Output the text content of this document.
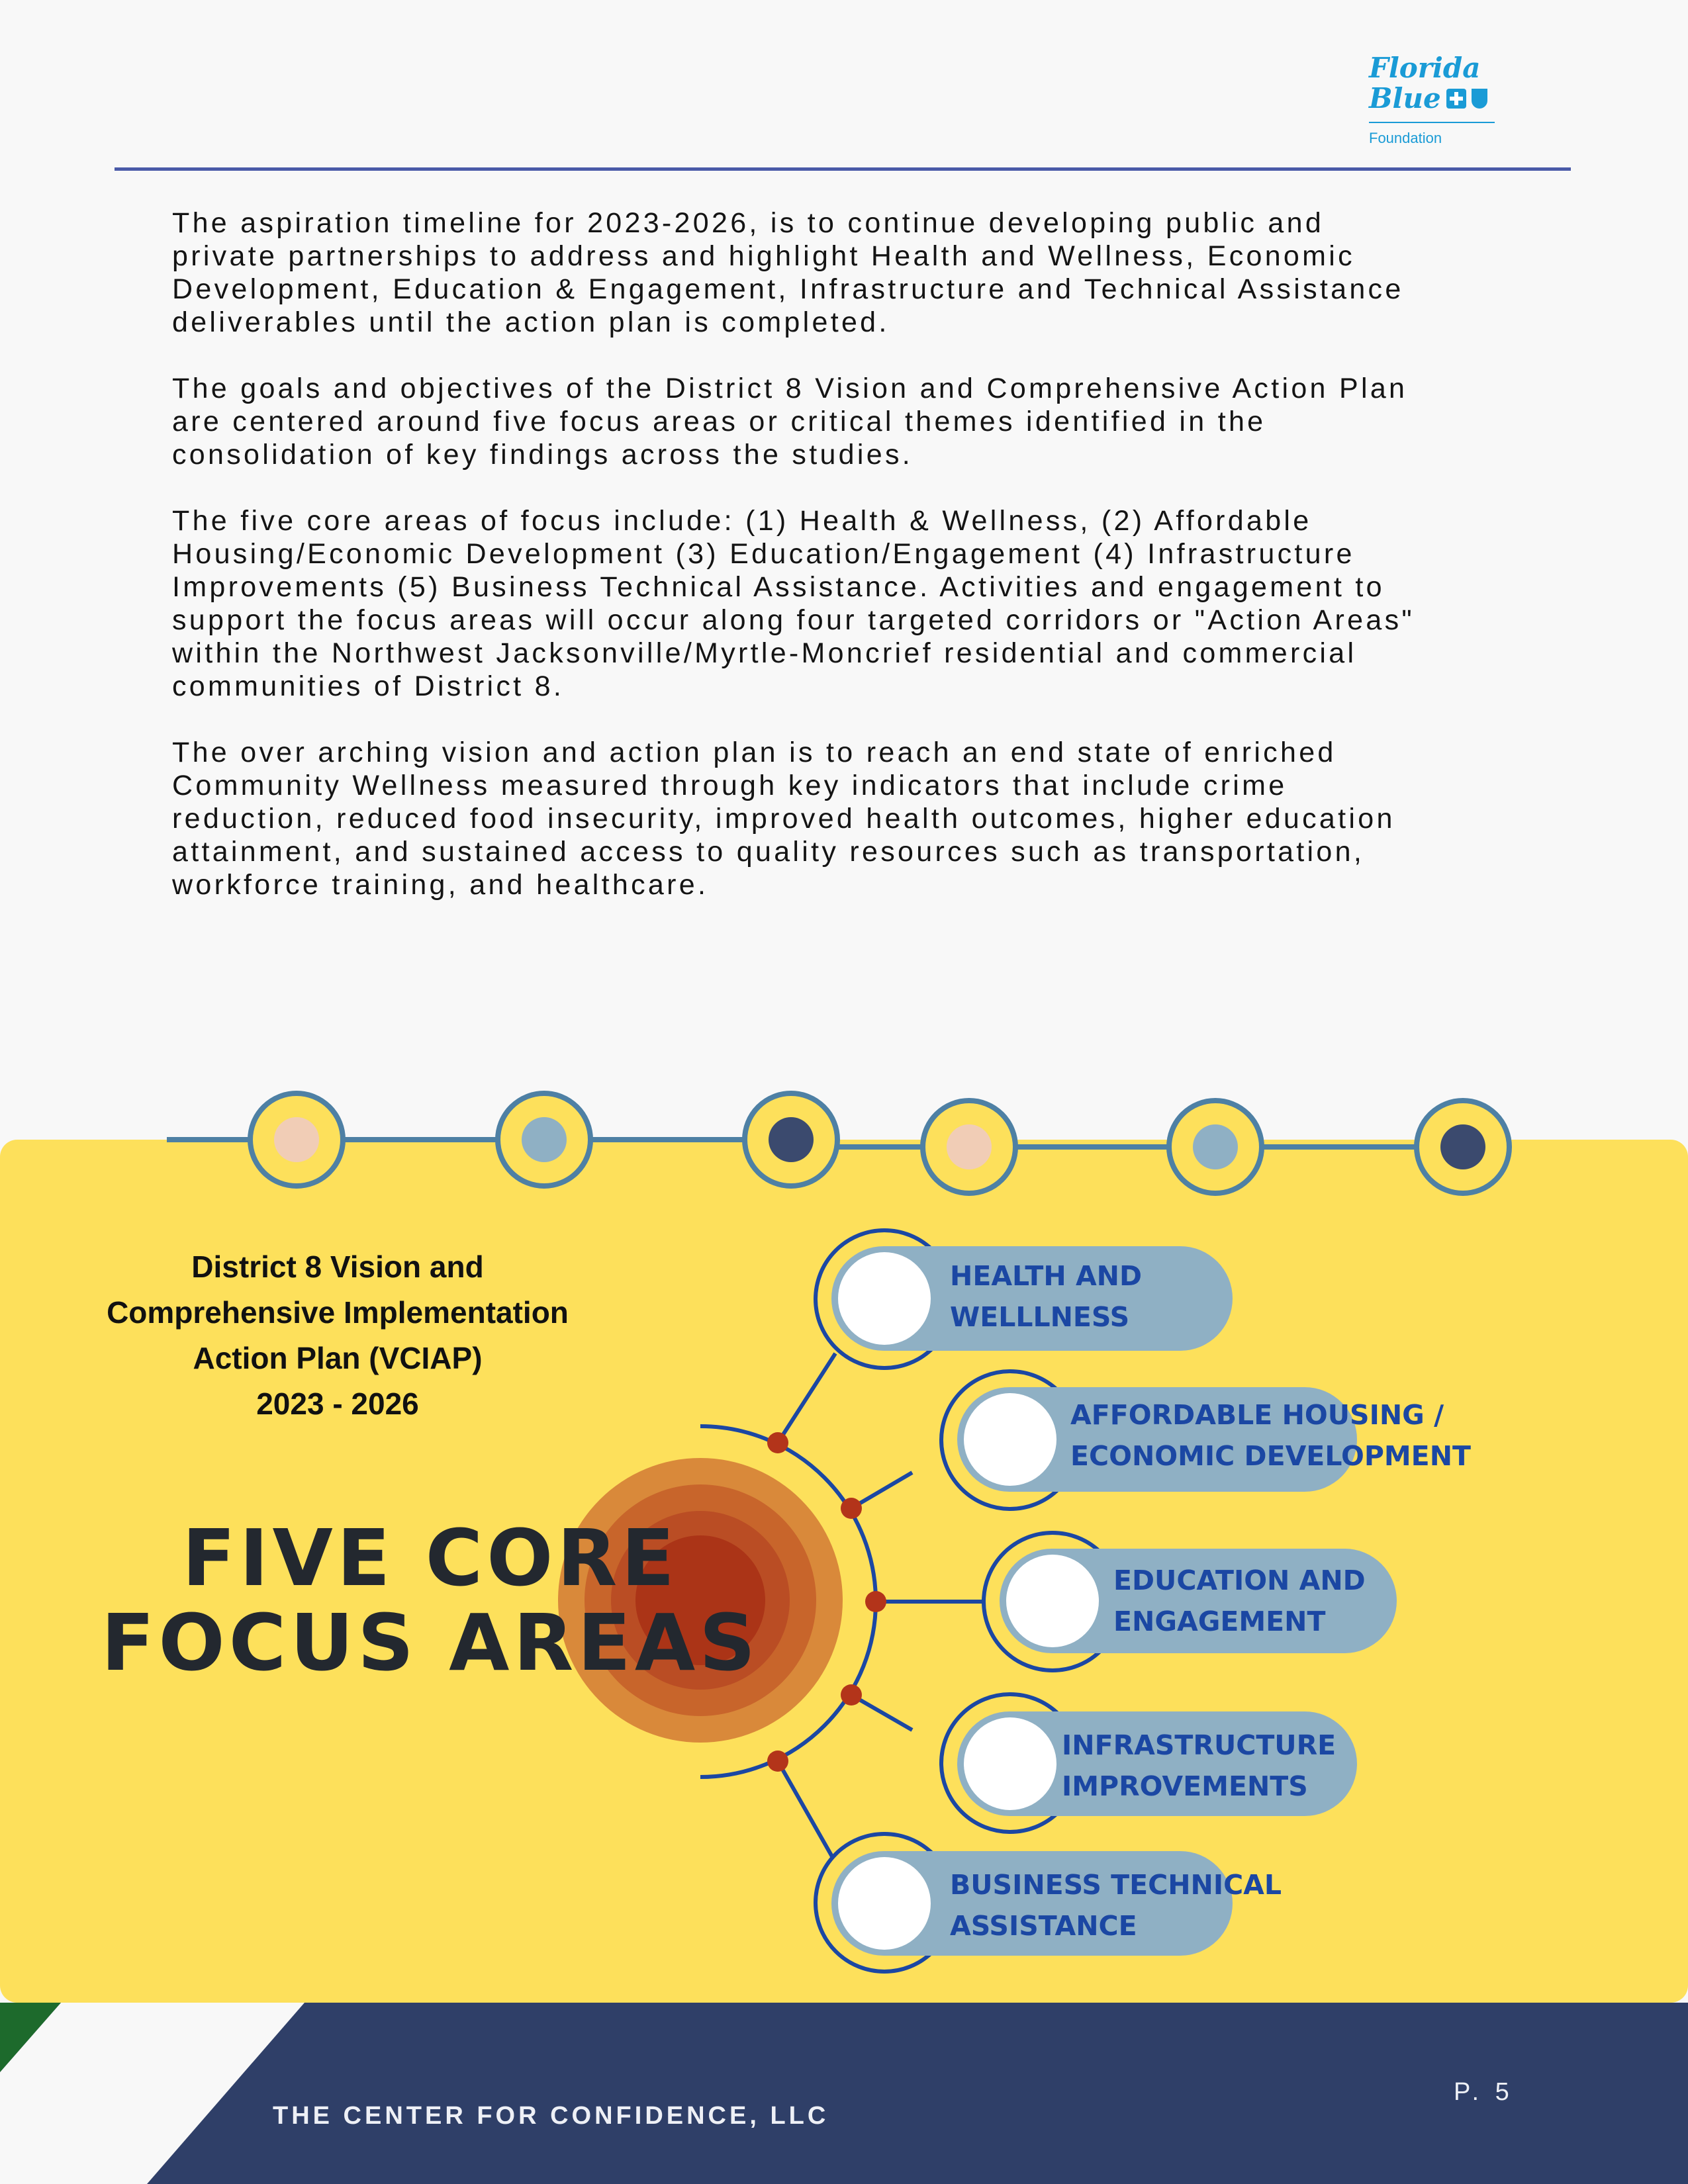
Florida
Blue
Foundation

The aspiration timeline for 2023-2026, is to continue developing public and
private partnerships to address and highlight Health and Wellness, Economic
Development, Education & Engagement, Infrastructure and Technical Assistance
deliverables until the action plan is completed.

The goals and objectives of the District 8 Vision and Comprehensive Action Plan
are centered around five focus areas or critical themes identified in the
consolidation of key findings across the studies.

The five core areas of focus include: (1) Health & Wellness, (2) Affordable
Housing/Economic Development (3) Education/Engagement (4) Infrastructure
Improvements (5) Business Technical Assistance. Activities and engagement to
support the focus areas will occur along four targeted corridors or "Action Areas"
within the Northwest Jacksonville/Myrtle-Moncrief residential and commercial
communities of District 8.

The over arching vision and action plan is to reach an end state of enriched
Community Wellness measured through key indicators that include crime
reduction, reduced food insecurity, improved health outcomes, higher education
attainment, and sustained access to quality resources such as transportation,
workforce training, and healthcare.

THE CENTER FOR CONFIDENCE, LLC
P. 5
District 8 Vision and
Comprehensive Implementation
Action Plan (VCIAP)
2023 - 2026
FIVE CORE
FOCUS AREAS
HEALTH AND
WELLLNESS
AFFORDABLE HOUSING /
ECONOMIC DEVELOPMENT
EDUCATION AND
ENGAGEMENT
INFRASTRUCTURE
IMPROVEMENTS
BUSINESS TECHNICAL
ASSISTANCE
